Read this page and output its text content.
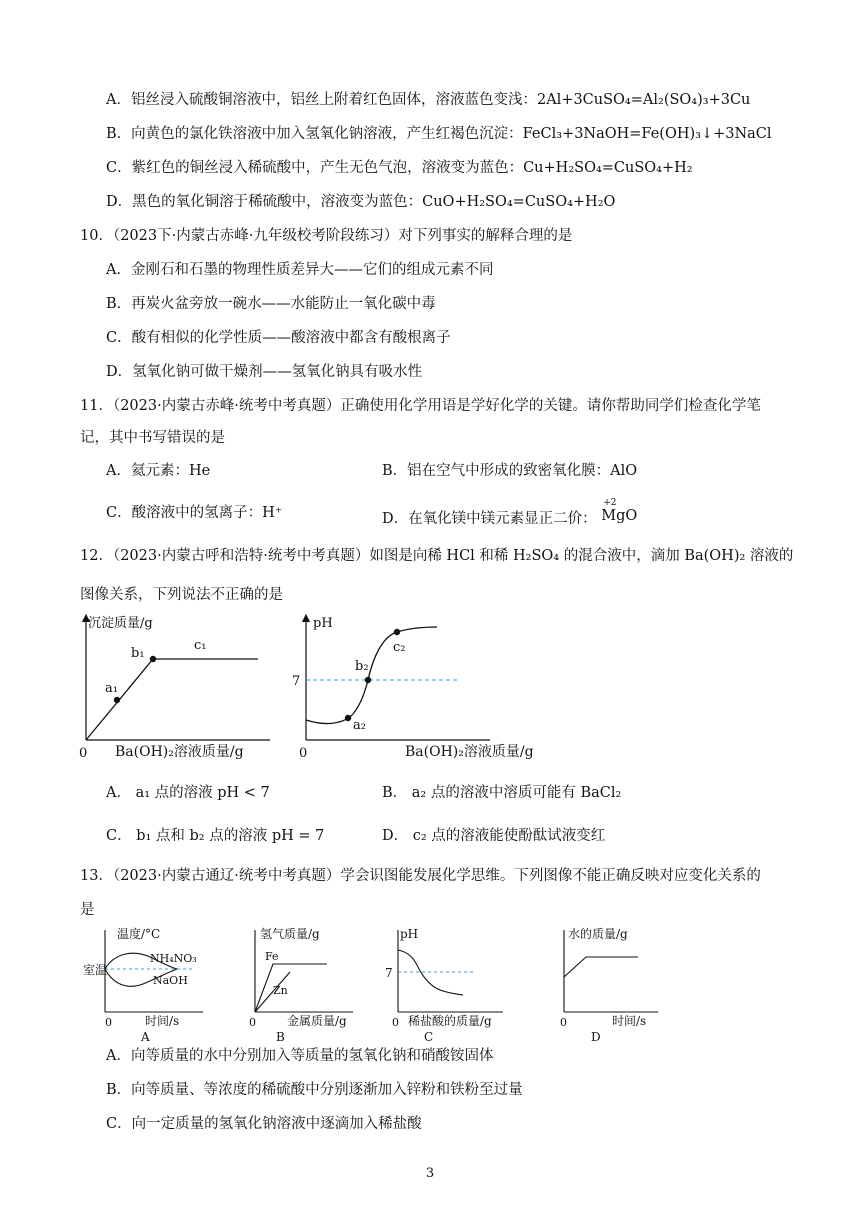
A．铝丝浸入硫酸铜溶液中，铝丝上附着红色固体，溶液蓝色变浅：2Al+3CuSO₄=Al₂(SO₄)₃+3Cu
B．向黄色的氯化铁溶液中加入氢氧化钠溶液，产生红褐色沉淀：FeCl₃+3NaOH=Fe(OH)₃↓+3NaCl
C．紫红色的铜丝浸入稀硫酸中，产生无色气泡，溶液变为蓝色：Cu+H₂SO₄=CuSO₄+H₂
D．黑色的氧化铜溶于稀硫酸中，溶液变为蓝色：CuO+H₂SO₄=CuSO₄+H₂O
10．（2023下·内蒙古赤峰·九年级校考阶段练习）对下列事实的解释合理的是
A．金刚石和石墨的物理性质差异大——它们的组成元素不同
B．再炭火盆旁放一碗水——水能防止一氧化碳中毒
C．酸有相似的化学性质——酸溶液中都含有酸根离子
D．氢氧化钠可做干燥剂——氢氧化钠具有吸水性
11．（2023·内蒙古赤峰·统考中考真题）正确使用化学用语是学好化学的关键。请你帮助同学们检查化学笔
记，其中书写错误的是
A．氦元素：He	B．铝在空气中形成的致密氧化膜：AlO
C．酸溶液中的氢离子：H⁺	D．在氧化镁中镁元素显正二价：
+2
MgO
12．（2023·内蒙古呼和浩特·统考中考真题）如图是向稀 HCl 和稀 H₂SO₄ 的混合液中，滴加 Ba(OH)₂ 溶液的
图像关系，下列说法不正确的是
沉淀质量/g
a₁
b₁
c₁
0 Ba(OH)₂溶液质量/g
pH
7
a₂
b₂
c₂
0	Ba(OH)₂溶液质量/g
A． a₁ 点的溶液 pH < 7	B． a₂ 点的溶液中溶质可能有 BaCl₂
C． b₁ 点和 b₂ 点的溶液 pH = 7	D． c₂ 点的溶液能使酚酞试液变红
13．（2023·内蒙古通辽·统考中考真题）学会识图能发展化学思维。下列图像不能正确反映对应变化关系的
是
温度/°C
室温
NH₄NO₃
NaOH
0	时间/s
A
氢气质量/g
Fe
Zn
0	金属质量/g
B
pH
7
0 稀盐酸的质量/g
C
水的质量/g
0	时间/s
D
A．向等质量的水中分别加入等质量的氢氧化钠和硝酸铵固体
B．向等质量、等浓度的稀硫酸中分别逐渐加入锌粉和铁粉至过量
C．向一定质量的氢氧化钠溶液中逐滴加入稀盐酸
3
